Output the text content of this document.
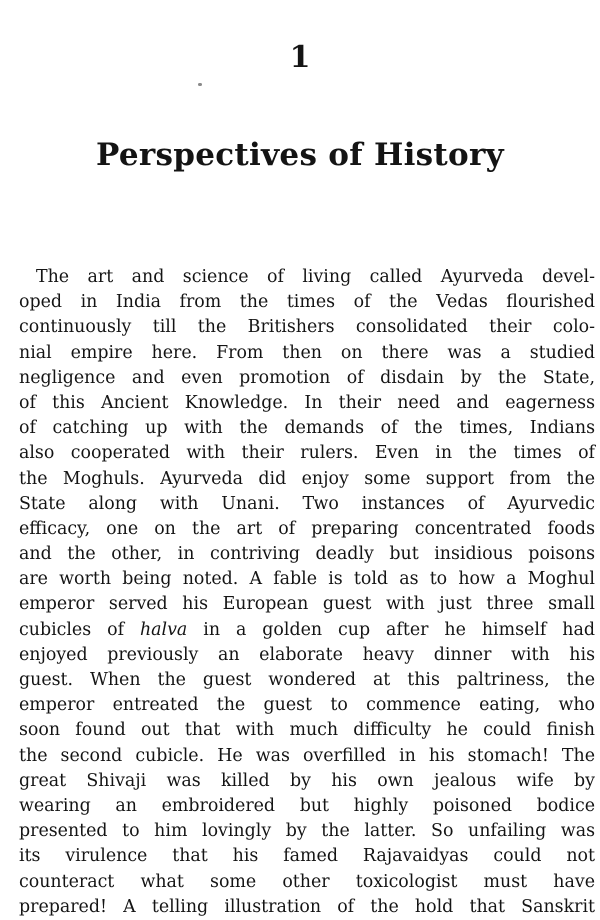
1
Perspectives of History
The art and science of living called Ayurveda devel-
oped in India from the times of the Vedas flourished
continuously till the Britishers consolidated their colo-
nial empire here. From then on there was a studied
negligence and even promotion of disdain by the State,
of this Ancient Knowledge. In their need and eagerness
of catching up with the demands of the times, Indians
also cooperated with their rulers. Even in the times of
the Moghuls. Ayurveda did enjoy some support from the
State along with Unani. Two instances of Ayurvedic
efficacy, one on the art of preparing concentrated foods
and the other, in contriving deadly but insidious poisons
are worth being noted. A fable is told as to how a Moghul
emperor served his European guest with just three small
cubicles of halva in a golden cup after he himself had
enjoyed previously an elaborate heavy dinner with his
guest. When the guest wondered at this paltriness, the
emperor entreated the guest to commence eating, who
soon found out that with much difficulty he could finish
the second cubicle. He was overfilled in his stomach! The
great Shivaji was killed by his own jealous wife by
wearing an embroidered but highly poisoned bodice
presented to him lovingly by the latter. So unfailing was
its virulence that his famed Rajavaidyas could not
counteract what some other toxicologist must have
prepared! A telling illustration of the hold that Sanskrit
